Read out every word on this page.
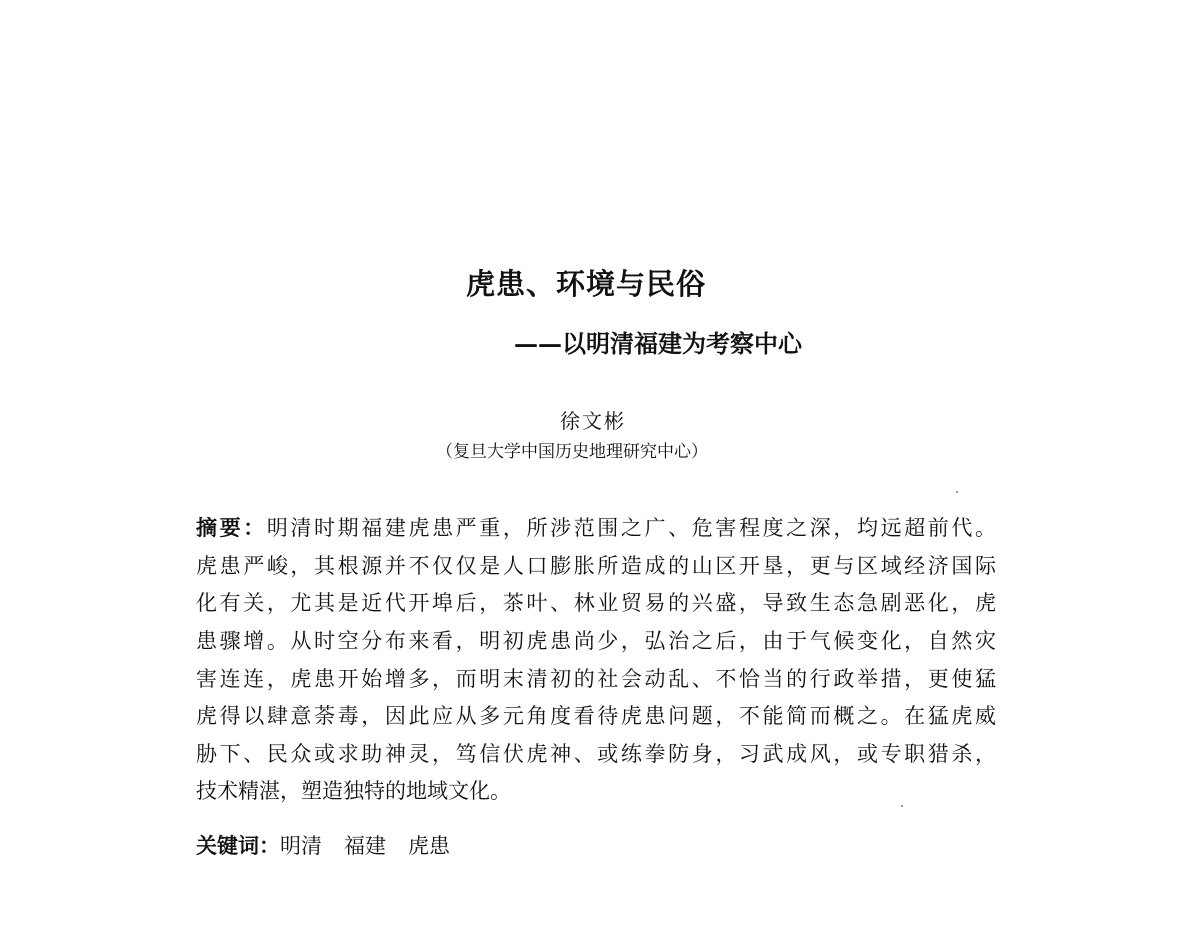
虎患、环境与民俗
——以明清福建为考察中心
徐文彬
（复旦大学中国历史地理研究中心）
摘要：明清时期福建虎患严重，所涉范围之广、危害程度之深，均远超前代。
虎患严峻，其根源并不仅仅是人口膨胀所造成的山区开垦，更与区域经济国际
化有关，尤其是近代开埠后，茶叶、林业贸易的兴盛，导致生态急剧恶化，虎
患骤增。从时空分布来看，明初虎患尚少，弘治之后，由于气候变化，自然灾
害连连，虎患开始增多，而明末清初的社会动乱、不恰当的行政举措，更使猛
虎得以肆意荼毒，因此应从多元角度看待虎患问题，不能简而概之。在猛虎威
胁下、民众或求助神灵，笃信伏虎神、或练拳防身，习武成风，或专职猎杀，
技术精湛，塑造独特的地域文化。
关键词：明清 福建 虎患
